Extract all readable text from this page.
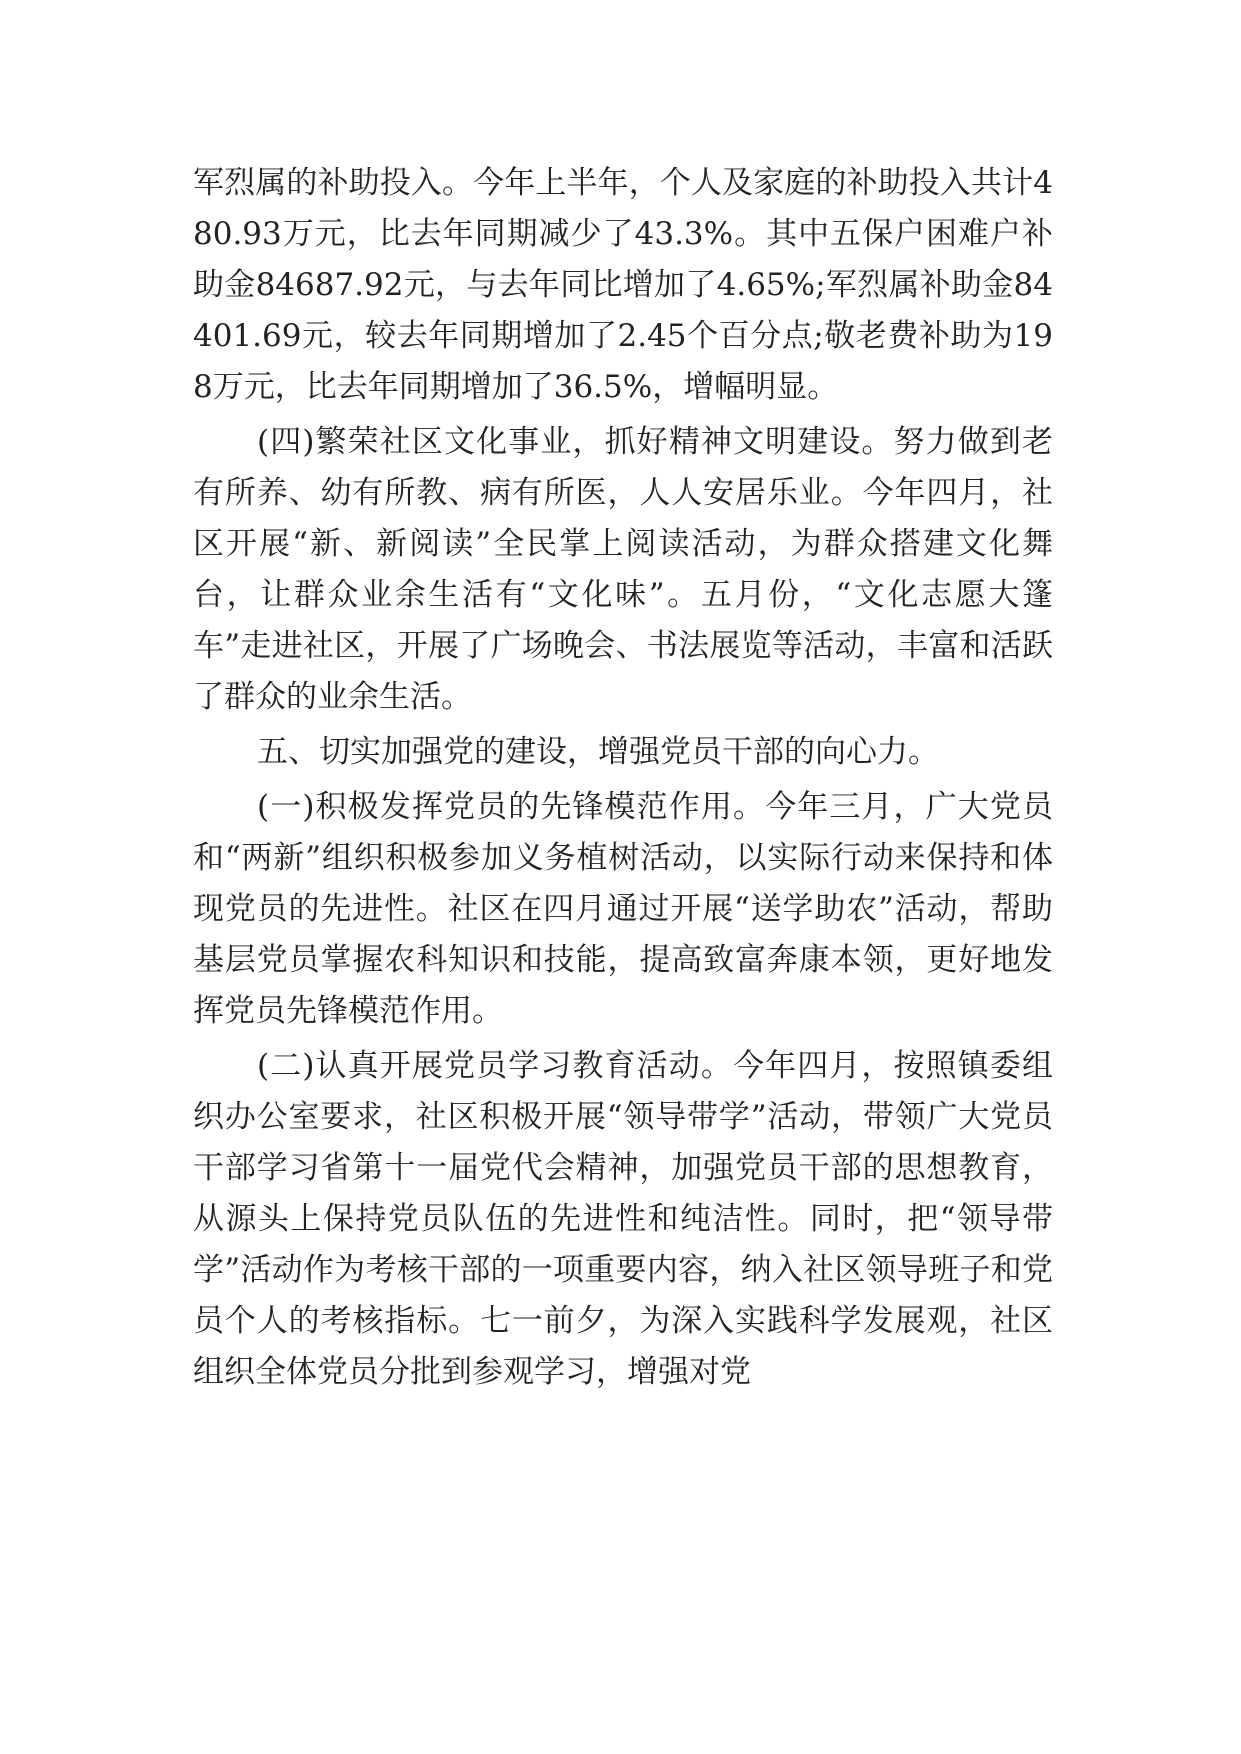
军烈属的补助投入。今年上半年，个人及家庭的补助投入共计480.93万元，比去年同期减少了43.3%。其中五保户困难户补助金84687.92元，与去年同比增加了4.65%;军烈属补助金84401.69元，较去年同期增加了2.45个百分点;敬老费补助为198万元，比去年同期增加了36.5%，增幅明显。

(四)繁荣社区文化事业，抓好精神文明建设。努力做到老有所养、幼有所教、病有所医，人人安居乐业。今年四月，社区开展“新、新阅读”全民掌上阅读活动，为群众搭建文化舞台，让群众业余生活有“文化味”。五月份，“文化志愿大篷车”走进社区，开展了广场晚会、书法展览等活动，丰富和活跃了群众的业余生活。

五、切实加强党的建设，增强党员干部的向心力。

(一)积极发挥党员的先锋模范作用。今年三月，广大党员和“两新”组织积极参加义务植树活动，以实际行动来保持和体现党员的先进性。社区在四月通过开展“送学助农”活动，帮助基层党员掌握农科知识和技能，提高致富奔康本领，更好地发挥党员先锋模范作用。

(二)认真开展党员学习教育活动。今年四月，按照镇委组织办公室要求，社区积极开展“领导带学”活动，带领广大党员干部学习省第十一届党代会精神，加强党员干部的思想教育，从源头上保持党员队伍的先进性和纯洁性。同时，把“领导带学”活动作为考核干部的一项重要内容，纳入社区领导班子和党员个人的考核指标。七一前夕，为深入实践科学发展观，社区组织全体党员分批到参观学习，增强对党
